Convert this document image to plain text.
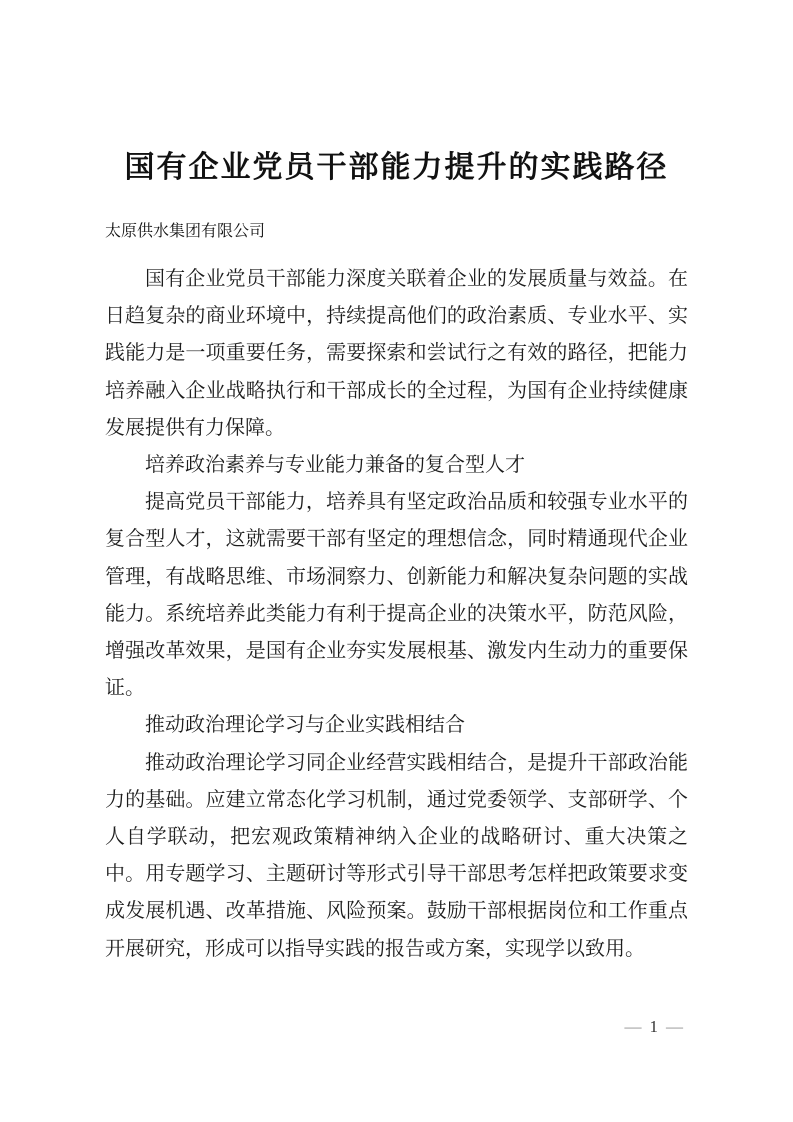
国有企业党员干部能力提升的实践路径
太原供水集团有限公司

国有企业党员干部能力深度关联着企业的发展质量与效益。在日趋复杂的商业环境中，持续提高他们的政治素质、专业水平、实践能力是一项重要任务，需要探索和尝试行之有效的路径，把能力培养融入企业战略执行和干部成长的全过程，为国有企业持续健康发展提供有力保障。

培养政治素养与专业能力兼备的复合型人才

提高党员干部能力，培养具有坚定政治品质和较强专业水平的复合型人才，这就需要干部有坚定的理想信念，同时精通现代企业管理，有战略思维、市场洞察力、创新能力和解决复杂问题的实战能力。系统培养此类能力有利于提高企业的决策水平，防范风险，增强改革效果，是国有企业夯实发展根基、激发内生动力的重要保证。

推动政治理论学习与企业实践相结合

推动政治理论学习同企业经营实践相结合，是提升干部政治能力的基础。应建立常态化学习机制，通过党委领学、支部研学、个人自学联动，把宏观政策精神纳入企业的战略研讨、重大决策之中。用专题学习、主题研讨等形式引导干部思考怎样把政策要求变成发展机遇、改革措施、风险预案。鼓励干部根据岗位和工作重点开展研究，形成可以指导实践的报告或方案，实现学以致用。

— 1 —
